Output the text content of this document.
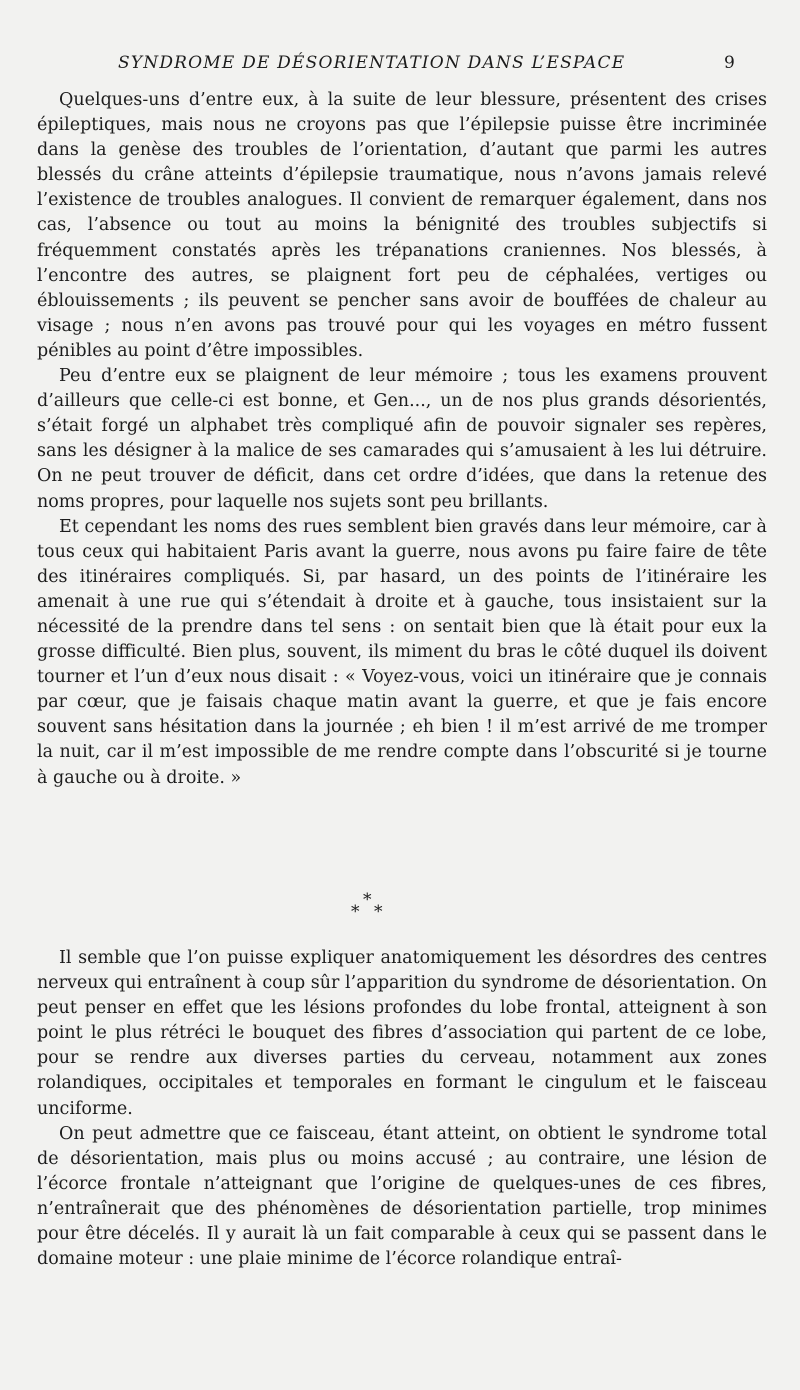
SYNDROME DE DÉSORIENTATION DANS L’ESPACE	9

Quelques-uns d’entre eux, à la suite de leur blessure, présentent des crises épileptiques, mais nous ne croyons pas que l’épilepsie puisse être incriminée dans la genèse des troubles de l’orientation, d’autant que parmi les autres blessés du crâne atteints d’épilepsie traumatique, nous n’avons jamais relevé l’existence de troubles analogues. Il convient de remarquer également, dans nos cas, l’absence ou tout au moins la bénignité des troubles subjectifs si fréquemment constatés après les trépanations craniennes. Nos blessés, à l’encontre des autres, se plaignent fort peu de céphalées, vertiges ou éblouissements ; ils peuvent se pencher sans avoir de bouffées de chaleur au visage ; nous n’en avons pas trouvé pour qui les voyages en métro fussent pénibles au point d’être impossibles.

Peu d’entre eux se plaignent de leur mémoire ; tous les examens prouvent d’ailleurs que celle-ci est bonne, et Gen..., un de nos plus grands désorientés, s’était forgé un alphabet très compliqué afin de pouvoir signaler ses repères, sans les désigner à la malice de ses camarades qui s’amusaient à les lui détruire. On ne peut trouver de déficit, dans cet ordre d’idées, que dans la retenue des noms propres, pour laquelle nos sujets sont peu brillants.

Et cependant les noms des rues semblent bien gravés dans leur mémoire, car à tous ceux qui habitaient Paris avant la guerre, nous avons pu faire faire de tête des itinéraires compliqués. Si, par hasard, un des points de l’itinéraire les amenait à une rue qui s’étendait à droite et à gauche, tous insistaient sur la nécessité de la prendre dans tel sens : on sentait bien que là était pour eux la grosse difficulté. Bien plus, souvent, ils miment du bras le côté duquel ils doivent tourner et l’un d’eux nous disait : « Voyez-vous, voici un itinéraire que je connais par cœur, que je faisais chaque matin avant la guerre, et que je fais encore souvent sans hésitation dans la journée ; eh bien ! il m’est arrivé de me tromper la nuit, car il m’est impossible de me rendre compte dans l’obscurité si je tourne à gauche ou à droite. »

*
* *

Il semble que l’on puisse expliquer anatomiquement les désordres des centres nerveux qui entraînent à coup sûr l’apparition du syndrome de désorientation. On peut penser en effet que les lésions profondes du lobe frontal, atteignent à son point le plus rétréci le bouquet des fibres d’association qui partent de ce lobe, pour se rendre aux diverses parties du cerveau, notamment aux zones rolandiques, occipitales et temporales en formant le cingulum et le faisceau unciforme.

On peut admettre que ce faisceau, étant atteint, on obtient le syndrome total de désorientation, mais plus ou moins accusé ; au contraire, une lésion de l’écorce frontale n’atteignant que l’origine de quelques-unes de ces fibres, n’entraînerait que des phénomènes de désorientation partielle, trop minimes pour être décelés. Il y aurait là un fait comparable à ceux qui se passent dans le domaine moteur : une plaie minime de l’écorce rolandique entraî-
